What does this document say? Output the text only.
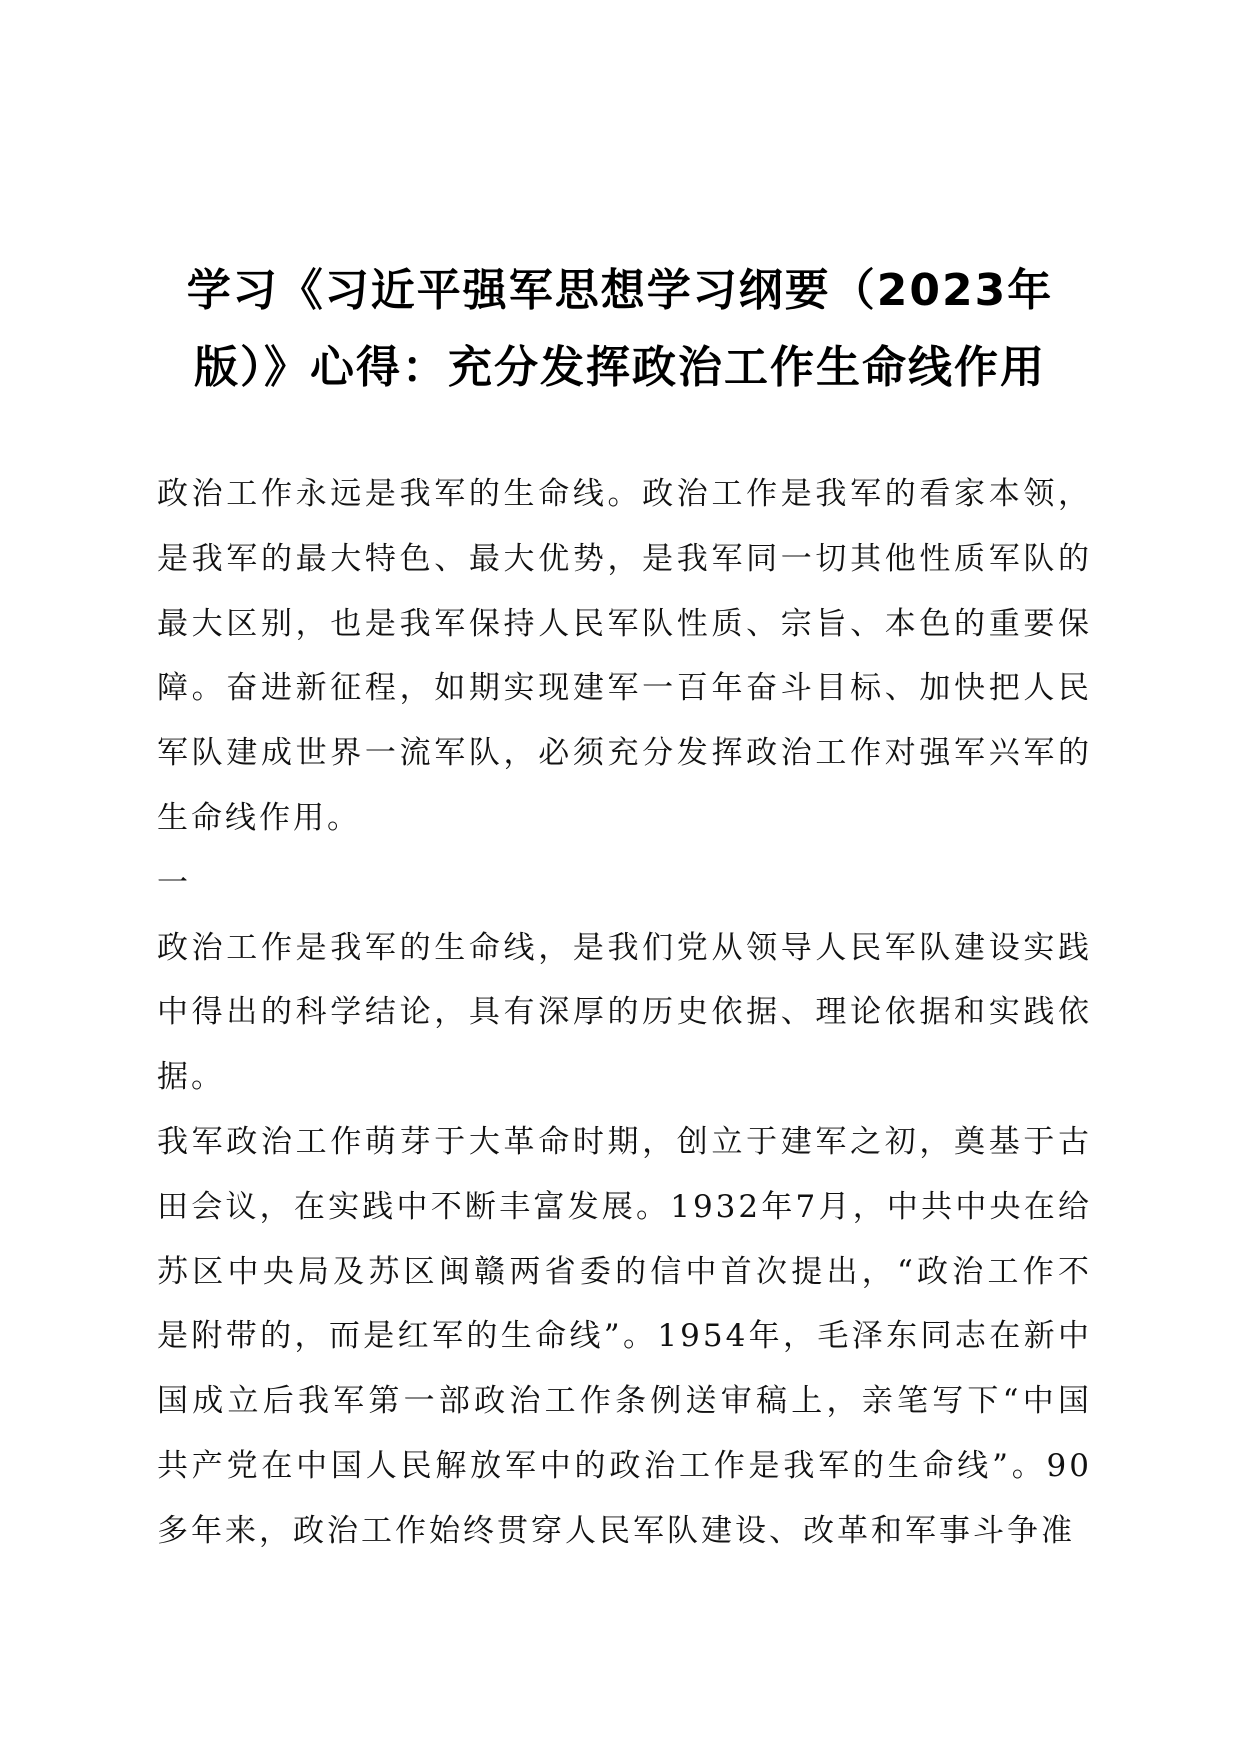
学习《习近平强军思想学习纲要（2023年
版）》心得：充分发挥政治工作生命线作用

政治工作永远是我军的生命线。政治工作是我军的看家本领，是我军的最大特色、最大优势，是我军同一切其他性质军队的最大区别，也是我军保持人民军队性质、宗旨、本色的重要保障。奋进新征程，如期实现建军一百年奋斗目标、加快把人民军队建成世界一流军队，必须充分发挥政治工作对强军兴军的生命线作用。

一

政治工作是我军的生命线，是我们党从领导人民军队建设实践中得出的科学结论，具有深厚的历史依据、理论依据和实践依据。

我军政治工作萌芽于大革命时期，创立于建军之初，奠基于古田会议，在实践中不断丰富发展。1932年7月，中共中央在给苏区中央局及苏区闽赣两省委的信中首次提出，“政治工作不是附带的，而是红军的生命线”。1954年，毛泽东同志在新中国成立后我军第一部政治工作条例送审稿上，亲笔写下“中国共产党在中国人民解放军中的政治工作是我军的生命线”。90多年来，政治工作始终贯穿人民军队建设、改革和军事斗争准
